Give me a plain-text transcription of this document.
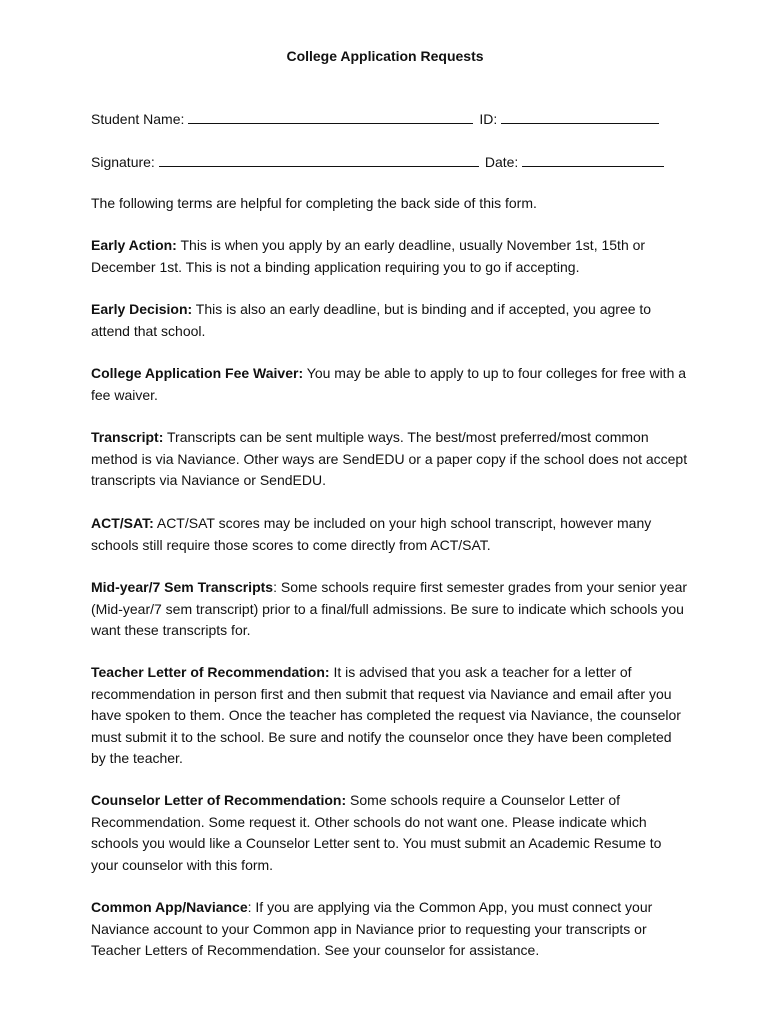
College Application Requests
Student Name:	ID:
Signature:	Date:
The following terms are helpful for completing the back side of this form.

Early Action: This is when you apply by an early deadline, usually November 1st, 15th or December 1st. This is not a binding application requiring you to go if accepting.

Early Decision: This is also an early deadline, but is binding and if accepted, you agree to attend that school.

College Application Fee Waiver: You may be able to apply to up to four colleges for free with a fee waiver.

Transcript: Transcripts can be sent multiple ways. The best/most preferred/most common method is via Naviance. Other ways are SendEDU or a paper copy if the school does not accept transcripts via Naviance or SendEDU.

ACT/SAT: ACT/SAT scores may be included on your high school transcript, however many schools still require those scores to come directly from ACT/SAT.

Mid-year/7 Sem Transcripts: Some schools require first semester grades from your senior year (Mid-year/7 sem transcript) prior to a final/full admissions. Be sure to indicate which schools you want these transcripts for.

Teacher Letter of Recommendation: It is advised that you ask a teacher for a letter of recommendation in person first and then submit that request via Naviance and email after you have spoken to them. Once the teacher has completed the request via Naviance, the counselor must submit it to the school. Be sure and notify the counselor once they have been completed by the teacher.

Counselor Letter of Recommendation: Some schools require a Counselor Letter of Recommendation. Some request it. Other schools do not want one. Please indicate which schools you would like a Counselor Letter sent to. You must submit an Academic Resume to your counselor with this form.

Common App/Naviance: If you are applying via the Common App, you must connect your Naviance account to your Common app in Naviance prior to requesting your transcripts or Teacher Letters of Recommendation. See your counselor for assistance.
